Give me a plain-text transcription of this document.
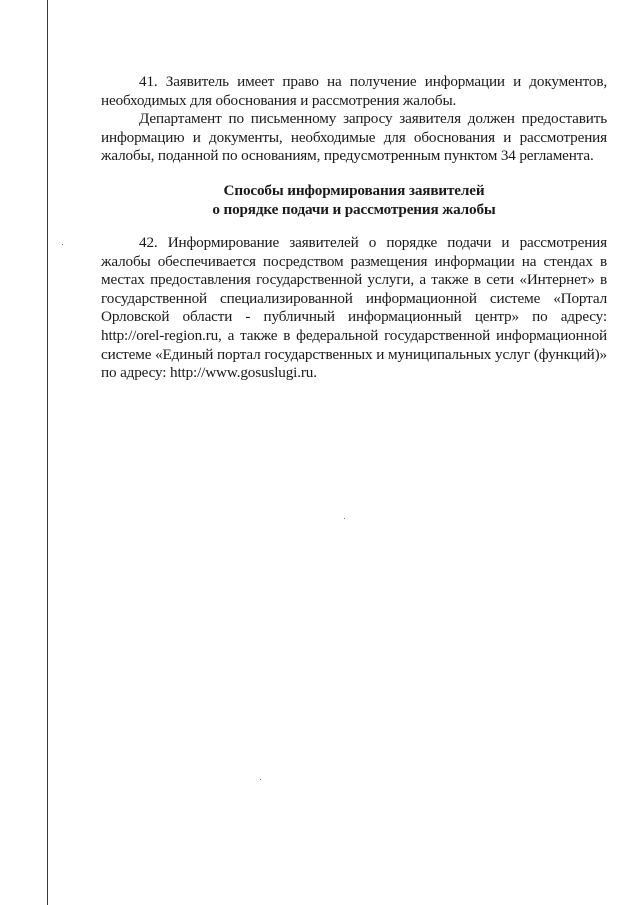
41. Заявитель имеет право на получение информации и документов, необходимых для обоснования и рассмотрения жалобы.

Департамент по письменному запросу заявителя должен предоставить информацию и документы, необходимые для обоснования и рассмотрения жалобы, поданной по основаниям, предусмотренным пунктом 34 регламента.

Способы информирования заявителей
о порядке подачи и рассмотрения жалобы

42. Информирование заявителей о порядке подачи и рассмотрения жалобы обеспечивается посредством размещения информации на стендах в местах предоставления государственной услуги, а также в сети «Интернет» в государственной специализированной информационной системе «Портал Орловской области - публичный информационный центр» по адресу: http://orel-region.ru, а также в федеральной государственной информационной системе «Единый портал государственных и муниципальных услуг (функций)» по адресу: http://www.gosuslugi.ru.
